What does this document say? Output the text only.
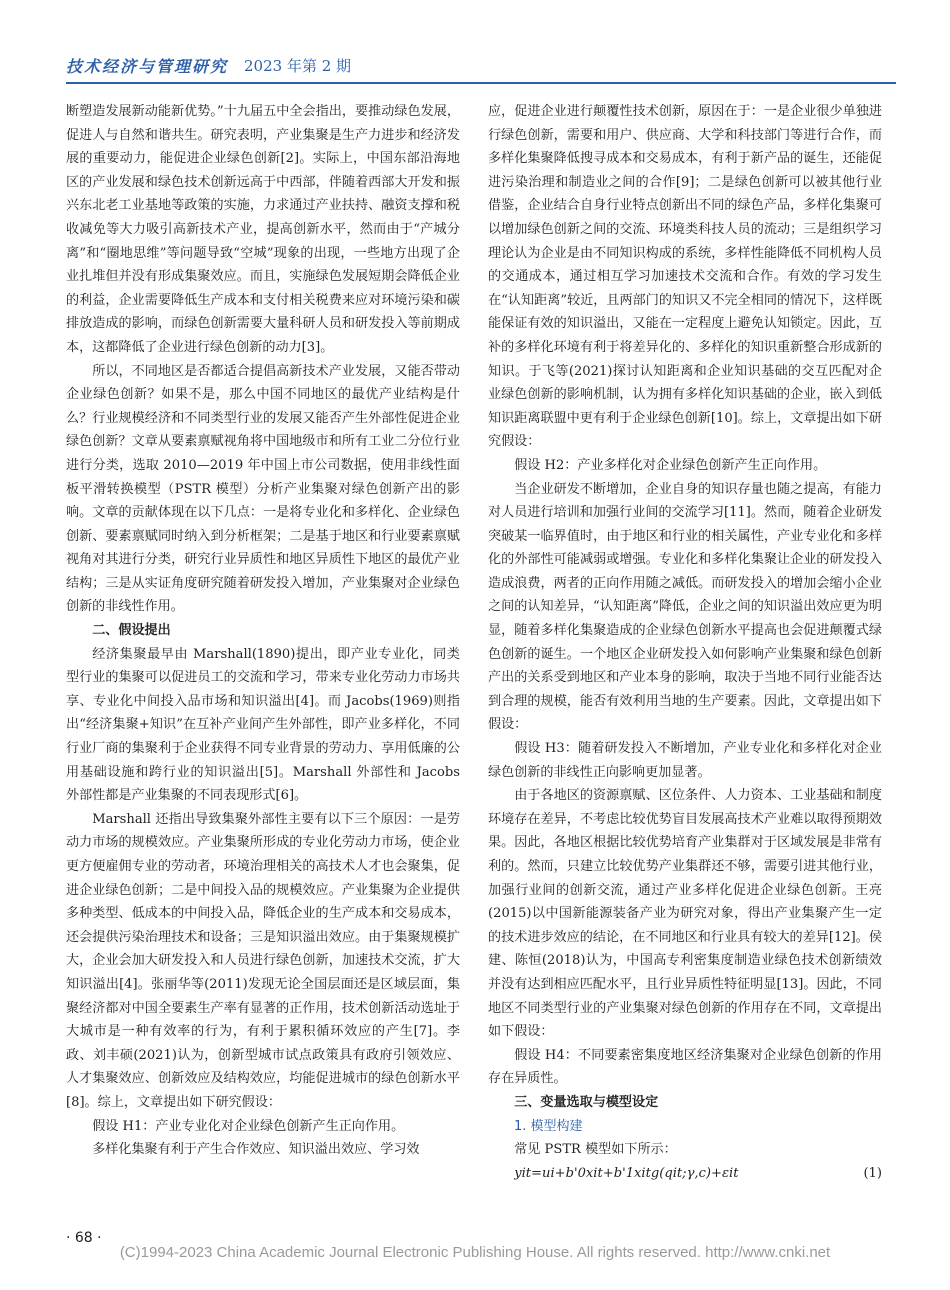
技术经济与管理研究 2023 年第 2 期

断塑造发展新动能新优势。”十九届五中全会指出，要推动绿色发展，促进人与自然和谐共生。研究表明，产业集聚是生产力进步和经济发展的重要动力，能促进企业绿色创新[2]。实际上，中国东部沿海地区的产业发展和绿色技术创新远高于中西部，伴随着西部大开发和振兴东北老工业基地等政策的实施，力求通过产业扶持、融资支撑和税收减免等大力吸引高新技术产业，提高创新水平，然而由于“产城分离”和“圈地思维”等问题导致“空城”现象的出现，一些地方出现了企业扎堆但并没有形成集聚效应。而且，实施绿色发展短期会降低企业的利益，企业需要降低生产成本和支付相关税费来应对环境污染和碳排放造成的影响，而绿色创新需要大量科研人员和研发投入等前期成本，这都降低了企业进行绿色创新的动力[3]。

所以，不同地区是否都适合提倡高新技术产业发展，又能否带动企业绿色创新？如果不是，那么中国不同地区的最优产业结构是什么？行业规模经济和不同类型行业的发展又能否产生外部性促进企业绿色创新？文章从要素禀赋视角将中国地级市和所有工业二分位行业进行分类，选取 2010—2019 年中国上市公司数据，使用非线性面板平滑转换模型（PSTR 模型）分析产业集聚对绿色创新产出的影响。文章的贡献体现在以下几点：一是将专业化和多样化、企业绿色创新、要素禀赋同时纳入到分析框架；二是基于地区和行业要素禀赋视角对其进行分类，研究行业异质性和地区异质性下地区的最优产业结构；三是从实证角度研究随着研发投入增加，产业集聚对企业绿色创新的非线性作用。

二、假设提出

经济集聚最早由 Marshall(1890)提出，即产业专业化，同类型行业的集聚可以促进员工的交流和学习，带来专业化劳动力市场共享、专业化中间投入品市场和知识溢出[4]。而 Jacobs(1969)则指出“经济集聚+知识”在互补产业间产生外部性，即产业多样化，不同行业厂商的集聚利于企业获得不同专业背景的劳动力、享用低廉的公用基础设施和跨行业的知识溢出[5]。Marshall 外部性和 Jacobs 外部性都是产业集聚的不同表现形式[6]。

Marshall 还指出导致集聚外部性主要有以下三个原因：一是劳动力市场的规模效应。产业集聚所形成的专业化劳动力市场，使企业更方便雇佣专业的劳动者，环境治理相关的高技术人才也会聚集，促进企业绿色创新；二是中间投入品的规模效应。产业集聚为企业提供多种类型、低成本的中间投入品，降低企业的生产成本和交易成本，还会提供污染治理技术和设备；三是知识溢出效应。由于集聚规模扩大，企业会加大研发投入和人员进行绿色创新，加速技术交流，扩大知识溢出[4]。张丽华等(2011)发现无论全国层面还是区域层面，集聚经济都对中国全要素生产率有显著的正作用，技术创新活动选址于大城市是一种有效率的行为，有利于累积循环效应的产生[7]。李政、刘丰硕(2021)认为，创新型城市试点政策具有政府引领效应、人才集聚效应、创新效应及结构效应，均能促进城市的绿色创新水平[8]。综上，文章提出如下研究假设：

假设 H1：产业专业化对企业绿色创新产生正向作用。

多样化集聚有利于产生合作效应、知识溢出效应、学习效

应，促进企业进行颠覆性技术创新，原因在于：一是企业很少单独进行绿色创新，需要和用户、供应商、大学和科技部门等进行合作，而多样化集聚降低搜寻成本和交易成本，有利于新产品的诞生，还能促进污染治理和制造业之间的合作[9]；二是绿色创新可以被其他行业借鉴，企业结合自身行业特点创新出不同的绿色产品，多样化集聚可以增加绿色创新之间的交流、环境类科技人员的流动；三是组织学习理论认为企业是由不同知识构成的系统，多样性能降低不同机构人员的交通成本，通过相互学习加速技术交流和合作。有效的学习发生在“认知距离”较近，且两部门的知识又不完全相同的情况下，这样既能保证有效的知识溢出，又能在一定程度上避免认知锁定。因此，互补的多样化环境有利于将差异化的、多样化的知识重新整合形成新的知识。于飞等(2021)探讨认知距离和企业知识基础的交互匹配对企业绿色创新的影响机制，认为拥有多样化知识基础的企业，嵌入到低知识距离联盟中更有利于企业绿色创新[10]。综上，文章提出如下研究假设：

假设 H2：产业多样化对企业绿色创新产生正向作用。

当企业研发不断增加，企业自身的知识存量也随之提高，有能力对人员进行培训和加强行业间的交流学习[11]。然而，随着企业研发突破某一临界值时，由于地区和行业的相关属性，产业专业化和多样化的外部性可能减弱或增强。专业化和多样化集聚让企业的研发投入造成浪费，两者的正向作用随之减低。而研发投入的增加会缩小企业之间的认知差异，“认知距离”降低，企业之间的知识溢出效应更为明显，随着多样化集聚造成的企业绿色创新水平提高也会促进颠覆式绿色创新的诞生。一个地区企业研发投入如何影响产业集聚和绿色创新产出的关系受到地区和产业本身的影响，取决于当地不同行业能否达到合理的规模，能否有效利用当地的生产要素。因此，文章提出如下假设：

假设 H3：随着研发投入不断增加，产业专业化和多样化对企业绿色创新的非线性正向影响更加显著。

由于各地区的资源禀赋、区位条件、人力资本、工业基础和制度环境存在差异，不考虑比较优势盲目发展高技术产业难以取得预期效果。因此，各地区根据比较优势培育产业集群对于区域发展是非常有利的。然而，只建立比较优势产业集群还不够，需要引进其他行业，加强行业间的创新交流，通过产业多样化促进企业绿色创新。王亮(2015)以中国新能源装备产业为研究对象，得出产业集聚产生一定的技术进步效应的结论，在不同地区和行业具有较大的差异[12]。侯建、陈恒(2018)认为，中国高专利密集度制造业绿色技术创新绩效并没有达到相应匹配水平，且行业异质性特征明显[13]。因此，不同地区不同类型行业的产业集聚对绿色创新的作用存在不同，文章提出如下假设：

假设 H4：不同要素密集度地区经济集聚对企业绿色创新的作用存在异质性。

三、变量选取与模型设定

1. 模型构建

常见 PSTR 模型如下所示：

yit=ui+b'0xit+b'1xitg(qit;γ,c)+εit	(1)
· 68 ·
(C)1994-2023 China Academic Journal Electronic Publishing House. All rights reserved. http://www.cnki.net
